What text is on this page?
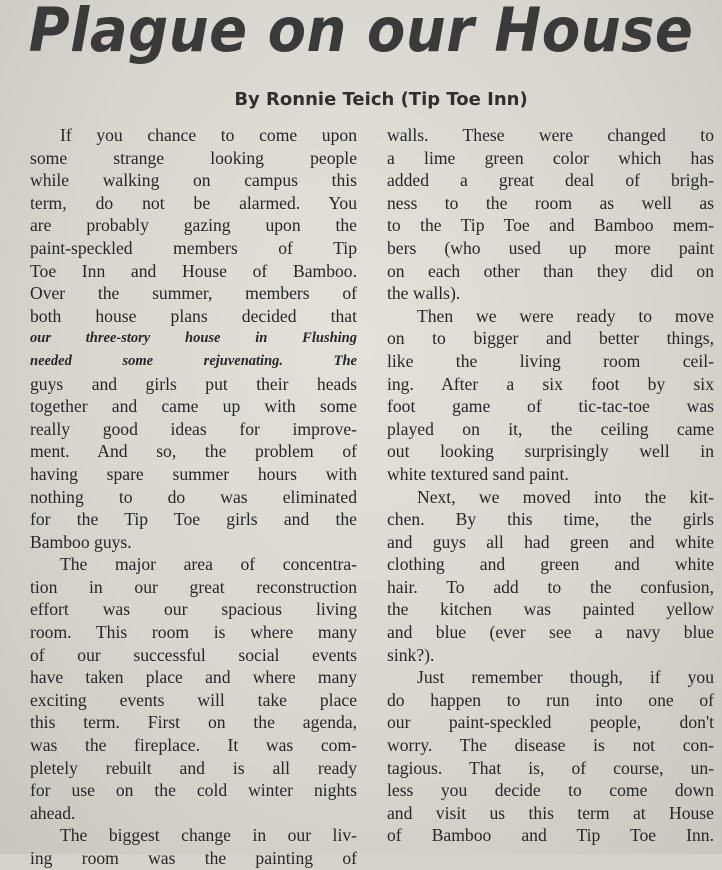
Plague on our House
By Ronnie Teich (Tip Toe Inn)
If you chance to come upon
some strange looking people
while walking on campus this
term, do not be alarmed. You
are probably gazing upon the
paint-speckled members of Tip
Toe Inn and House of Bamboo.
Over the summer, members of
both house plans decided that
our three-story house in Flushing
needed some rejuvenating. The
guys and girls put their heads
together and came up with some
really good ideas for improve-
ment. And so, the problem of
having spare summer hours with
nothing to do was eliminated
for the Tip Toe girls and the
Bamboo guys.
The major area of concentra-
tion in our great reconstruction
effort was our spacious living
room. This room is where many
of our successful social events
have taken place and where many
exciting events will take place
this term. First on the agenda,
was the fireplace. It was com-
pletely rebuilt and is all ready
for use on the cold winter nights
ahead.
The biggest change in our liv-
ing room was the painting of
walls. These were changed to
a lime green color which has
added a great deal of brigh-
ness to the room as well as
to the Tip Toe and Bamboo mem-
bers (who used up more paint
on each other than they did on
the walls).
Then we were ready to move
on to bigger and better things,
like the living room ceil-
ing. After a six foot by six
foot game of tic-tac-toe was
played on it, the ceiling came
out looking surprisingly well in
white textured sand paint.
Next, we moved into the kit-
chen. By this time, the girls
and guys all had green and white
clothing and green and white
hair. To add to the confusion,
the kitchen was painted yellow
and blue (ever see a navy blue
sink?).
Just remember though, if you
do happen to run into one of
our paint-speckled people, don't
worry. The disease is not con-
tagious. That is, of course, un-
less you decide to come down
and visit us this term at House
of Bamboo and Tip Toe Inn.
